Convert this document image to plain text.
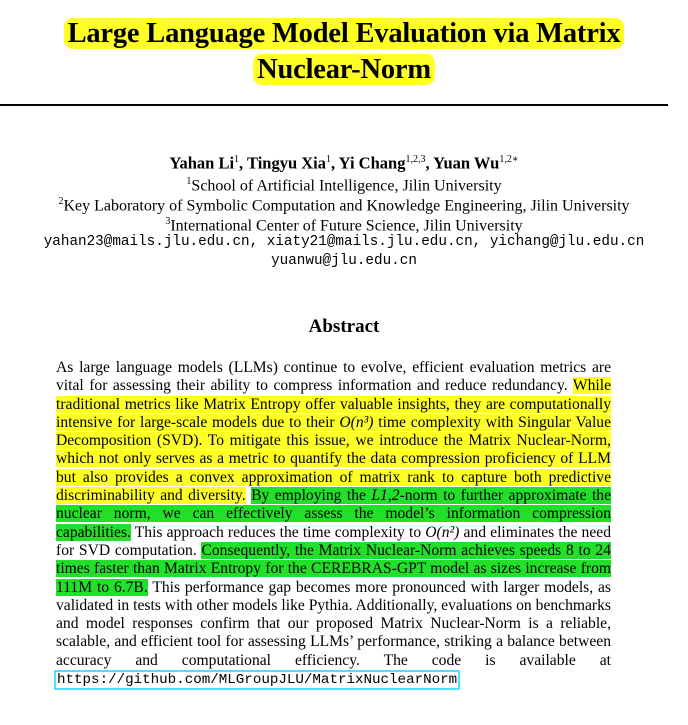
Large Language Model Evaluation via Matrix
Nuclear-Norm
Yahan Li$^1$, Tingyu Xia$^1$, Yi Chang$^{1,2,3}$, Yuan $Wu^{1,2∗}$
$^1$School of Artificial Intelligence, Jilin University
$^2$Key Laboratory of Symbolic Computation and Knowledge Engineering, Jilin University
$^3$International Center of Future Science, Jilin University
yahan23@mails.jlu.edu.cn, xiaty21@mails.jlu.edu.cn, yichang@jlu.edu.cn
yuanwu@jlu.edu.cn
Abstract
As large language models (LLMs) continue to evolve, efficient evaluation metrics are vital for assessing their ability to compress information and reduce redundancy. While traditional metrics like Matrix Entropy offer valuable insights, they are computationally intensive for large-scale models due to their O(n³) time complexity with Singular Value Decomposition (SVD). To mitigate this issue, we introduce the Matrix Nuclear-Norm, which not only serves as a metric to quantify the data compression proficiency of LLM but also provides a convex approximation of matrix rank to capture both predictive discriminability and diversity. By employing the L1,2-norm to further approximate the nuclear norm, we can effectively assess the model’s information compression capabilities. This approach reduces the time complexity to O(n²) and eliminates the need for SVD computation. Consequently, the Matrix Nuclear-Norm achieves speeds 8 to 24 times faster than Matrix Entropy for the CEREBRAS-GPT model as sizes increase from 111M to 6.7B. This performance gap becomes more pronounced with larger models, as validated in tests with other models like Pythia. Additionally, evaluations on benchmarks and model responses confirm that our proposed Matrix Nuclear-Norm is a reliable, scalable, and efficient tool for assessing LLMs’ performance, striking a balance between accuracy and computational efficiency. The code is available at https://github.com/MLGroupJLU/MatrixNuclearNorm
